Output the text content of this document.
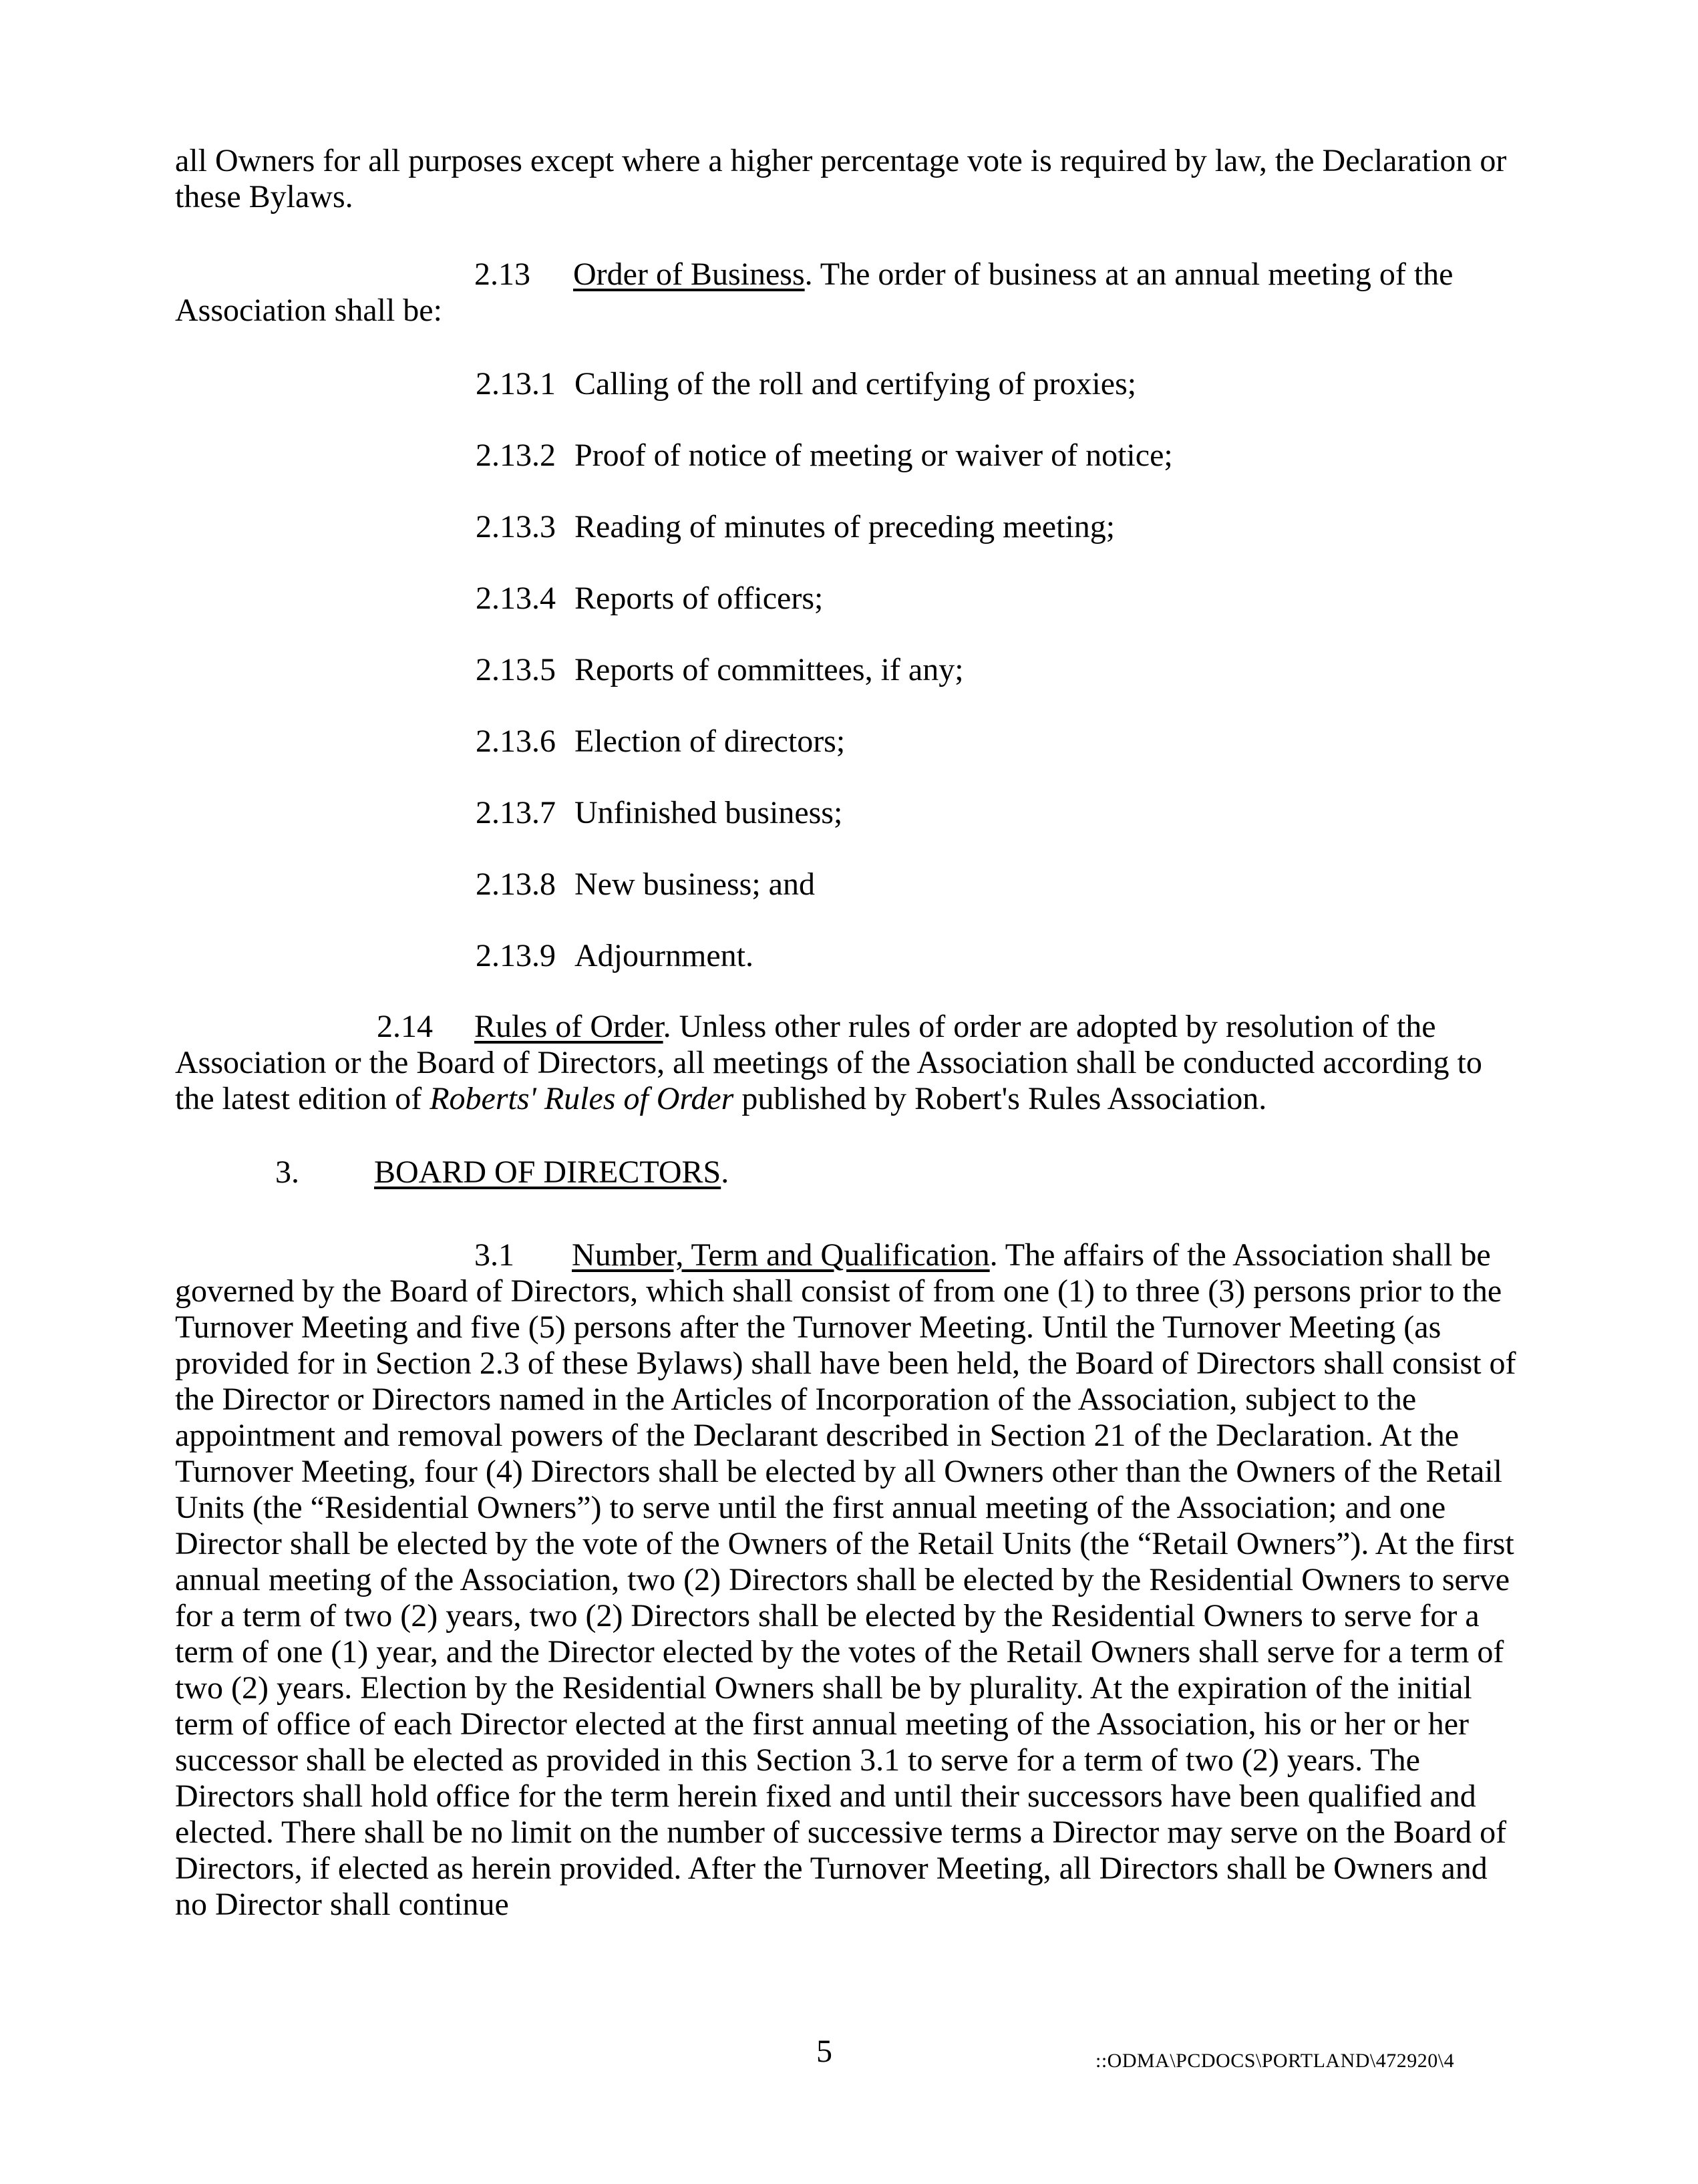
all Owners for all purposes except where a higher percentage vote is required by law, the Declaration or these Bylaws.

2.13 Order of Business. The order of business at an annual meeting of the Association shall be:

2.13.1 Calling of the roll and certifying of proxies;

2.13.2 Proof of notice of meeting or waiver of notice;

2.13.3 Reading of minutes of preceding meeting;

2.13.4 Reports of officers;

2.13.5 Reports of committees, if any;

2.13.6 Election of directors;

2.13.7 Unfinished business;

2.13.8 New business; and

2.13.9 Adjournment.

2.14 Rules of Order. Unless other rules of order are adopted by resolution of the Association or the Board of Directors, all meetings of the Association shall be conducted according to the latest edition of Roberts' Rules of Order published by Robert's Rules Association.

3. BOARD OF DIRECTORS.

3.1 Number, Term and Qualification. The affairs of the Association shall be governed by the Board of Directors, which shall consist of from one (1) to three (3) persons prior to the Turnover Meeting and five (5) persons after the Turnover Meeting. Until the Turnover Meeting (as provided for in Section 2.3 of these Bylaws) shall have been held, the Board of Directors shall consist of the Director or Directors named in the Articles of Incorporation of the Association, subject to the appointment and removal powers of the Declarant described in Section 21 of the Declaration. At the Turnover Meeting, four (4) Directors shall be elected by all Owners other than the Owners of the Retail Units (the “Residential Owners”) to serve until the first annual meeting of the Association; and one Director shall be elected by the vote of the Owners of the Retail Units (the “Retail Owners”). At the first annual meeting of the Association, two (2) Directors shall be elected by the Residential Owners to serve for a term of two (2) years, two (2) Directors shall be elected by the Residential Owners to serve for a term of one (1) year, and the Director elected by the votes of the Retail Owners shall serve for a term of two (2) years. Election by the Residential Owners shall be by plurality. At the expiration of the initial term of office of each Director elected at the first annual meeting of the Association, his or her or her successor shall be elected as provided in this Section 3.1 to serve for a term of two (2) years. The Directors shall hold office for the term herein fixed and until their successors have been qualified and elected. There shall be no limit on the number of successive terms a Director may serve on the Board of Directors, if elected as herein provided. After the Turnover Meeting, all Directors shall be Owners and no Director shall continue

5	::ODMA\PCDOCS\PORTLAND\472920\4
